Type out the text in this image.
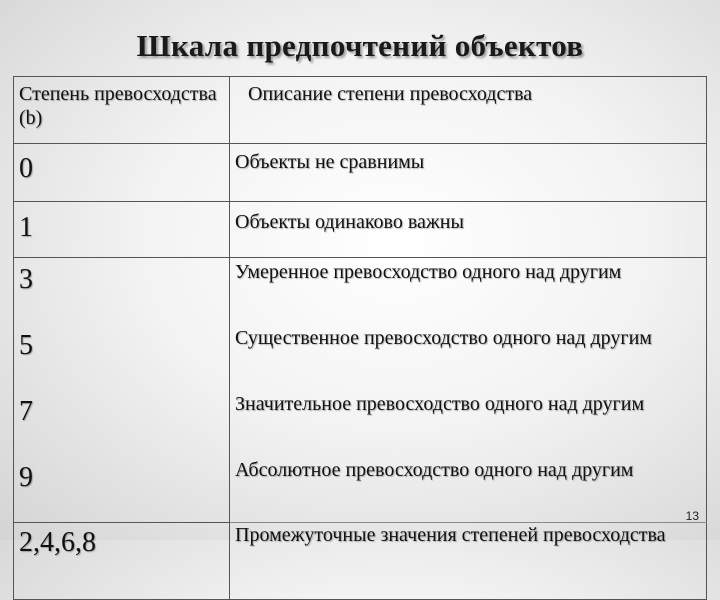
Шкала предпочтений объектов
Степень превосходства (b)	Описание степени превосходства
0	Объекты не сравнимы
1	Объекты одинаково важны
3	Умеренное превосходство одного над другим
5	Существенное превосходство одного над другим
7	Значительное превосходство одного над другим
9	Абсолютное превосходство одного над другим
2,4,6,8	Промежуточные значения степеней превосходства
13
